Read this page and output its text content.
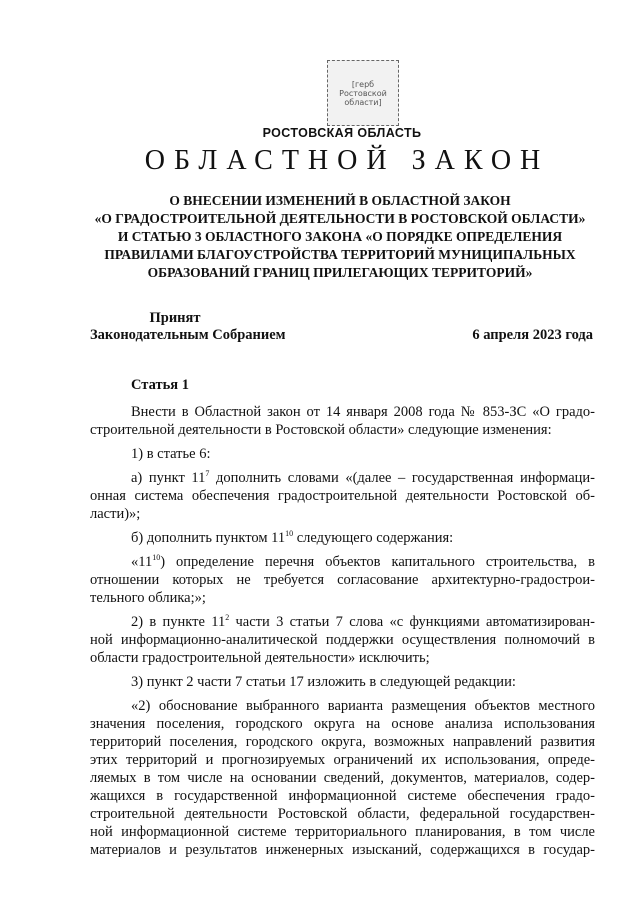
[герб Ростовской области]
РОСТОВСКАЯ ОБЛАСТЬ
ОБЛАСТНОЙ ЗАКОН
О ВНЕСЕНИИ ИЗМЕНЕНИЙ В ОБЛАСТНОЙ ЗАКОН
«О ГРАДОСТРОИТЕЛЬНОЙ ДЕЯТЕЛЬНОСТИ В РОСТОВСКОЙ ОБЛАСТИ»
И СТАТЬЮ 3 ОБЛАСТНОГО ЗАКОНА «О ПОРЯДКЕ ОПРЕДЕЛЕНИЯ
ПРАВИЛАМИ БЛАГОУСТРОЙСТВА ТЕРРИТОРИЙ МУНИЦИПАЛЬНЫХ
ОБРАЗОВАНИЙ ГРАНИЦ ПРИЛЕГАЮЩИХ ТЕРРИТОРИЙ»
Принят
Законодательным Собранием	6 апреля 2023 года
Статья 1

Внести в Областной закон от 14 января 2008 года № 853-ЗС «О градо-
строительной деятельности в Ростовской области» следующие изменения:

1) в статье 6:

а) пункт $11^7$ дополнить словами «(далее – государственная информаци-
онная система обеспечения градостроительной деятельности Ростовской об-
ласти)»;

б) дополнить пунктом $11^{10}$ следующего содержания:

«$11^{10}$) определение перечня объектов капитального строительства, в
отношении которых не требуется согласование архитектурно-градострои-
тельного облика;»;

2) в пункте $11^2$ части 3 статьи 7 слова «с функциями автоматизирован-
ной информационно-аналитической поддержки осуществления полномочий в
области градостроительной деятельности» исключить;

3) пункт 2 части 7 статьи 17 изложить в следующей редакции:

«2) обоснование выбранного варианта размещения объектов местного
значения поселения, городского округа на основе анализа использования
территорий поселения, городского округа, возможных направлений развития
этих территорий и прогнозируемых ограничений их использования, опреде-
ляемых в том числе на основании сведений, документов, материалов, содер-
жащихся в государственной информационной системе обеспечения градо-
строительной деятельности Ростовской области, федеральной государствен-
ной информационной системе территориального планирования, в том числе
материалов и результатов инженерных изысканий, содержащихся в государ-
